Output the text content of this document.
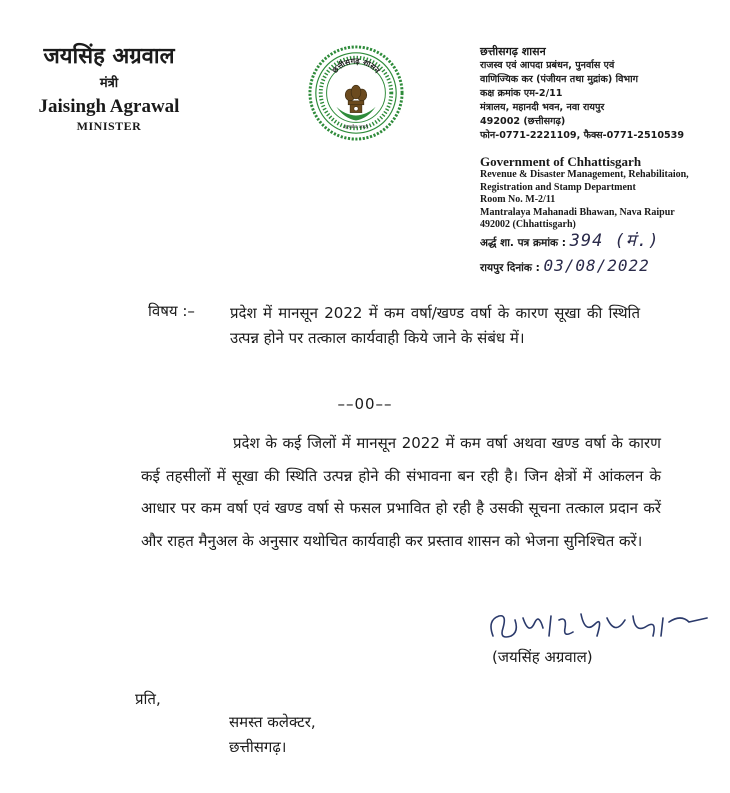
जयसिंह अग्रवाल
मंत्री
Jaisingh Agrawal
MINISTER
छत्तीसगढ़ शासन
सत्यमेव जयते
छत्तीसगढ़ शासन
राजस्व एवं आपदा प्रबंधन, पुनर्वास एवं
वाणिज्यिक कर (पंजीयन तथा मुद्रांक) विभाग
कक्ष क्रमांक एम-2/11
मंत्रालय, महानदी भवन, नवा रायपुर
492002 (छत्तीसगढ़)
फोन-0771-2221109, फैक्स-0771-2510539
Government of Chhattisgarh
Revenue & Disaster Management, Rehabilitaion,
Registration and Stamp Department
Room No. M-2/11
Mantralaya Mahanadi Bhawan, Nava Raipur
492002 (Chhattisgarh)
अर्द्ध शा. पत्र क्रमांक : 394 (मं.)
रायपुर दिनांक : 03/08/2022
विषय :– प्रदेश में मानसून 2022 में कम वर्षा/खण्ड वर्षा के कारण सूखा की स्थिति उत्पन्न होने पर तत्काल कार्यवाही किये जाने के संबंध में।
––00––
प्रदेश के कई जिलों में मानसून 2022 में कम वर्षा अथवा खण्ड वर्षा के कारण कई तहसीलों में सूखा की स्थिति उत्पन्न होने की संभावना बन रही है। जिन क्षेत्रों में आंकलन के आधार पर कम वर्षा एवं खण्ड वर्षा से फसल प्रभावित हो रही है उसकी सूचना तत्काल प्रदान करें और राहत मैनुअल के अनुसार यथोचित कार्यवाही कर प्रस्ताव शासन को भेजना सुनिश्चित करें।
(जयसिंह अग्रवाल)
प्रति,
समस्त कलेक्टर,
छत्तीसगढ़।
